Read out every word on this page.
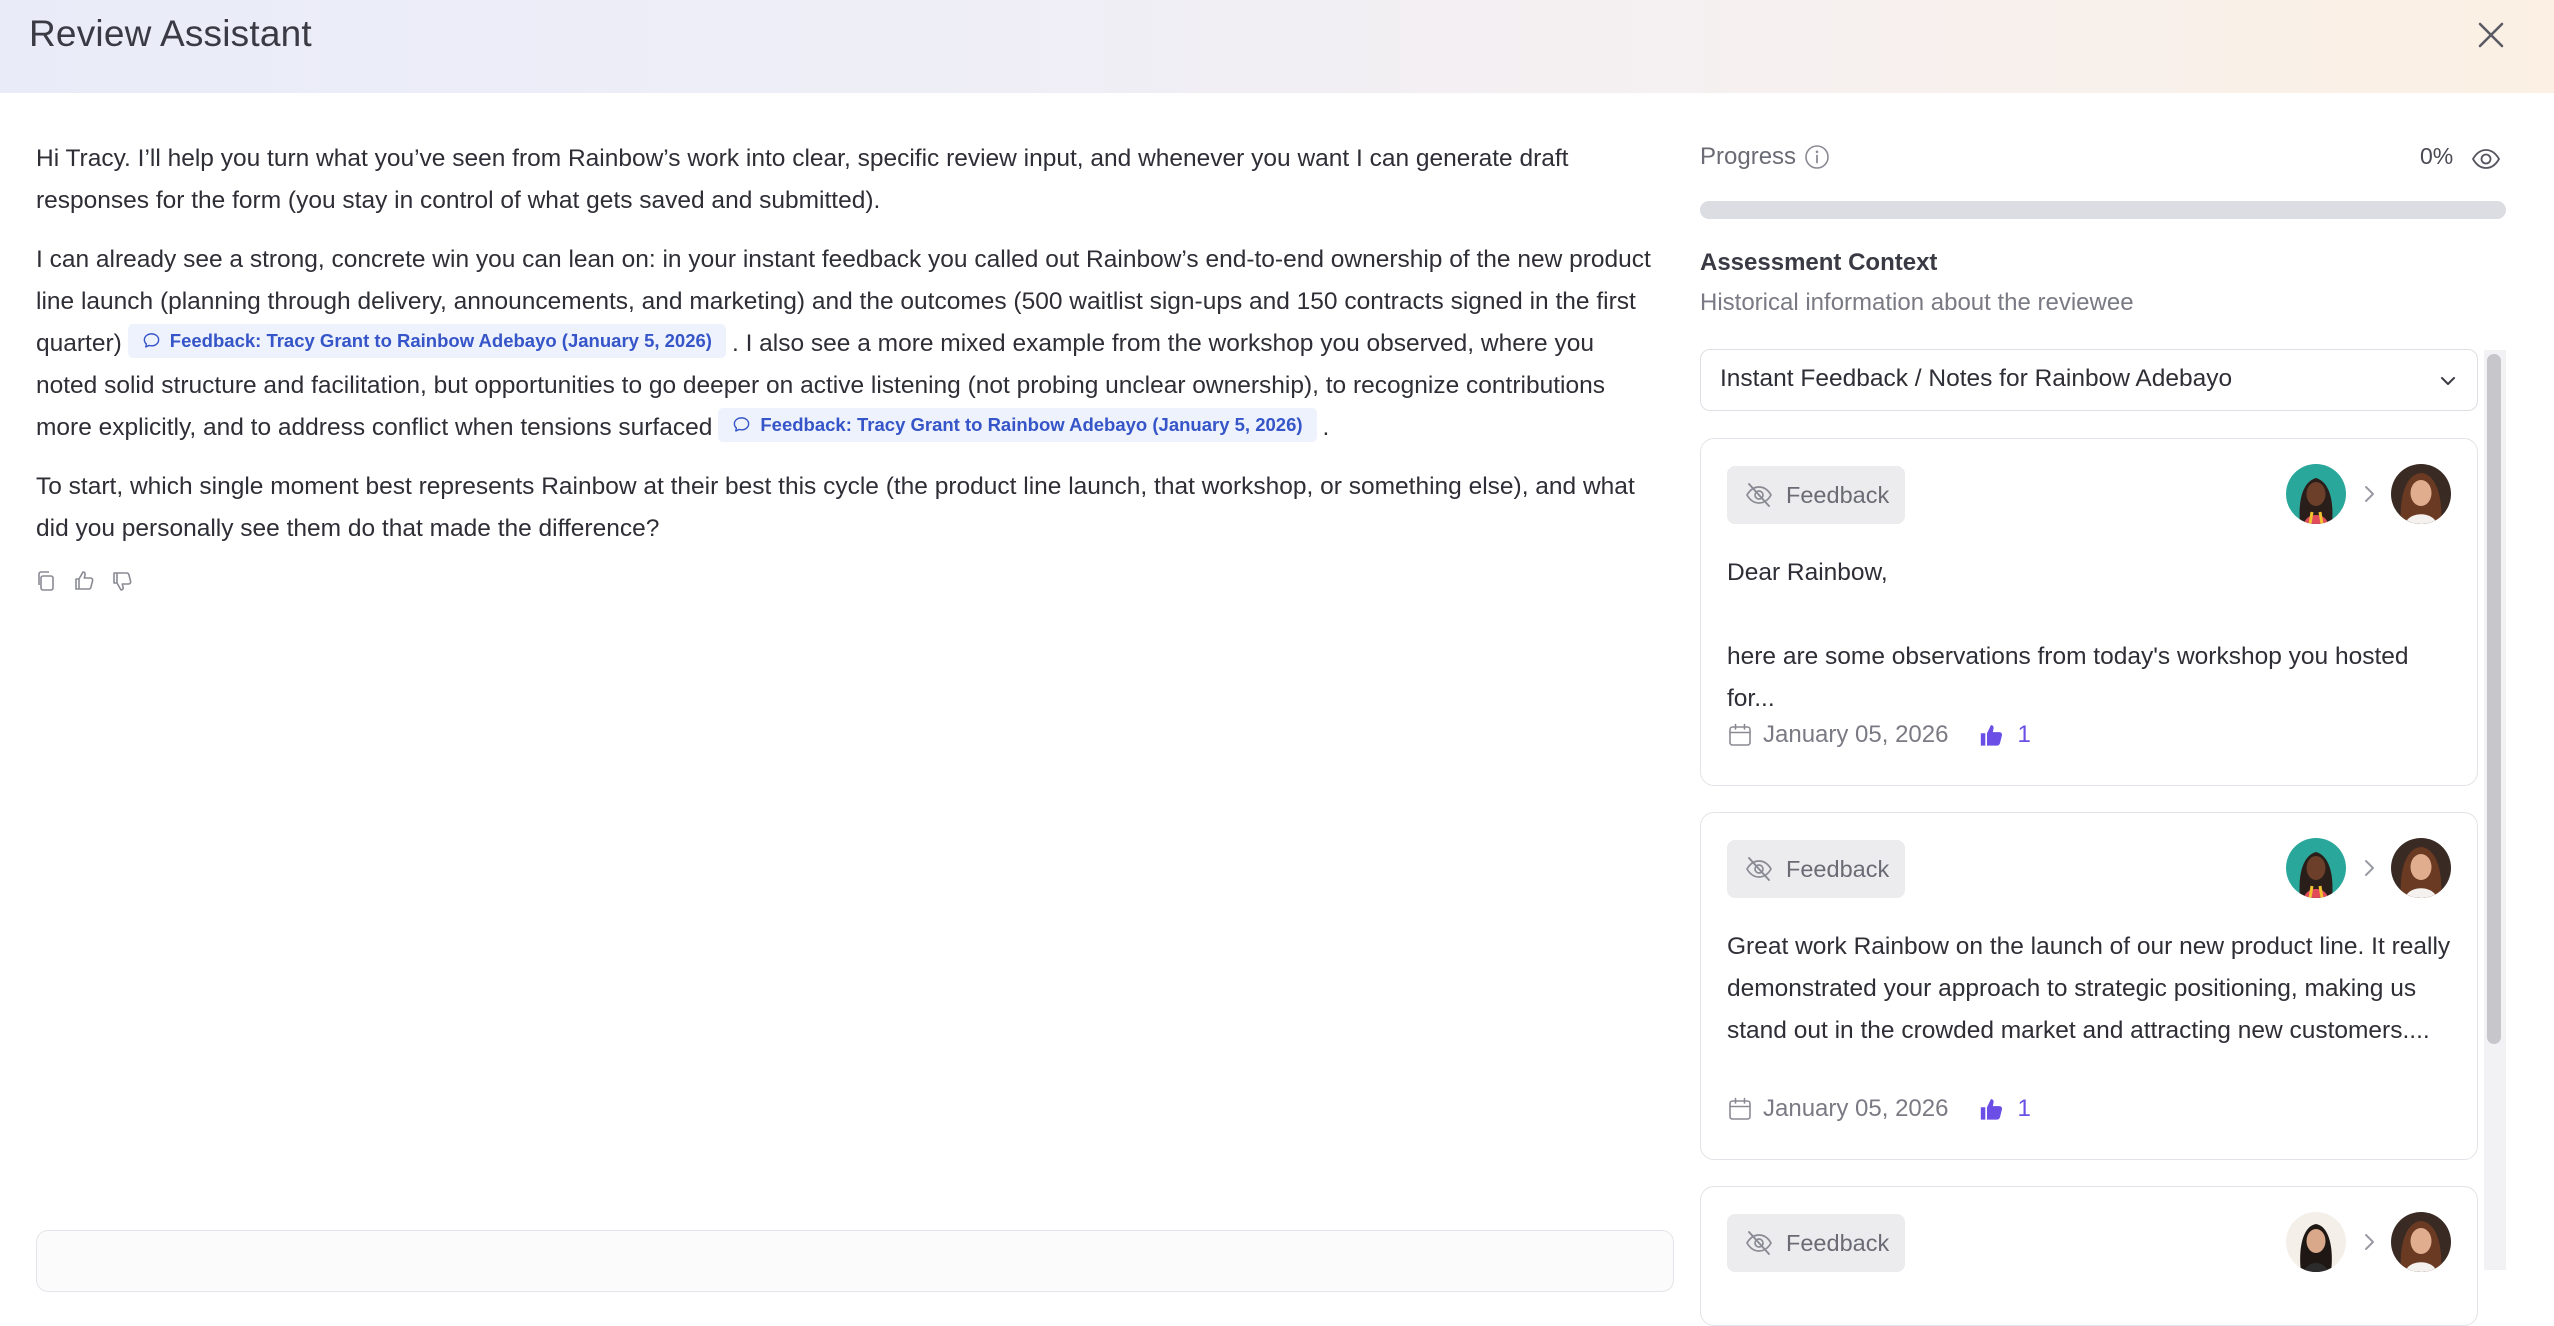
Review Assistant

Hi Tracy. I’ll help you turn what you’ve seen from Rainbow’s work into clear, specific review input, and whenever you want I can generate draft responses for the form (you stay in control of what gets saved and submitted).

I can already see a strong, concrete win you can lean on: in your instant feedback you called out Rainbow’s end-to-end ownership of the new product line launch (planning through delivery, announcements, and marketing) and the outcomes (500 waitlist sign-ups and 150 contracts signed in the first quarter)	Feedback: Tracy Grant to Rainbow Adebayo (January 5, 2026) . I also see a more mixed example from the workshop you observed, where you noted solid structure and facilitation, but opportunities to go deeper on active listening (not probing unclear ownership), to recognize contributions more explicitly, and to address conflict when tensions surfaced	Feedback: Tracy Grant to Rainbow Adebayo (January 5, 2026) .

To start, which single moment best represents Rainbow at their best this cycle (the product line launch, that workshop, or something else), and what did you personally see them do that made the difference?

Progress	0%
Assessment Context
Historical information about the reviewee
Instant Feedback / Notes for Rainbow Adebayo
Feedback
Dear Rainbow,

here are some observations from today's workshop you hosted for...
January 05, 2026	1
Feedback
Great work Rainbow on the launch of our new product line. It really demonstrated your approach to strategic positioning, making us stand out in the crowded market and attracting new customers....
January 05, 2026	1
Feedback
